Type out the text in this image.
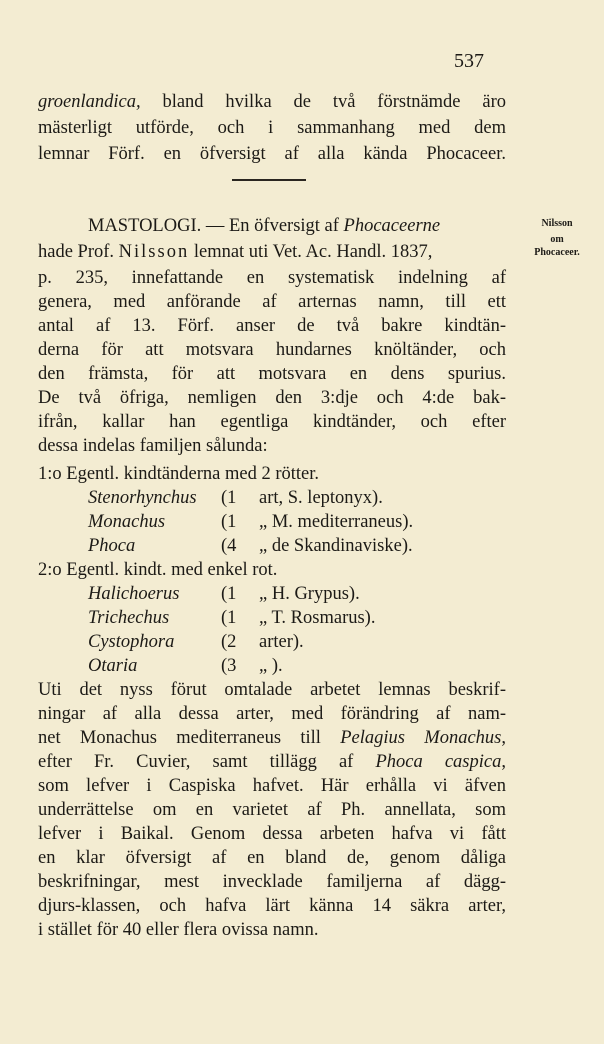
537
groenlandica, bland hvilka de två förstnämde äro
mästerligt utförde, och i sammanhang med dem
lemnar Förf. en öfversigt af alla kända Phocaceer.
Nilsson
om
Phocaceer.
MASTOLOGI. — En öfversigt af Phocaceerne
hade Prof. Nilsson lemnat uti Vet. Ac. Handl. 1837,
p. 235, innefattande en systematisk indelning af
genera, med anförande af arternas namn, till ett
antal af 13. Förf. anser de två bakre kindtän-
derna för att motsvara hundarnes knöltänder, och
den främsta, för att motsvara en dens spurius.
De två öfriga, nemligen den 3:dje och 4:de bak-
ifrån, kallar han egentliga kindtänder, och efter
dessa indelas familjen sålunda:
1:o Egentl. kindtänderna med 2 rötter.
Stenorhynchus (1 art, S. leptonyx).
Monachus	(1 „ M. mediterraneus).
Phoca	(4 „ de Skandinaviske).
2:o Egentl. kindt. med enkel rot.
Halichoerus (1 „ H. Grypus).
Trichechus	(1 „ T. Rosmarus).
Cystophora	(2 arter).
Otaria	(3 „ ).
Uti det nyss förut omtalade arbetet lemnas beskrif-
ningar af alla dessa arter, med förändring af nam-
net Monachus mediterraneus till Pelagius Monachus,
efter Fr. Cuvier, samt tillägg af Phoca caspica,
som lefver i Caspiska hafvet. Här erhålla vi äfven
underrättelse om en varietet af Ph. annellata, som
lefver i Baikal. Genom dessa arbeten hafva vi fått
en klar öfversigt af en bland de, genom dåliga
beskrifningar, mest invecklade familjerna af dägg-
djurs-klassen, och hafva lärt känna 14 säkra arter,
i stället för 40 eller flera ovissa namn.
